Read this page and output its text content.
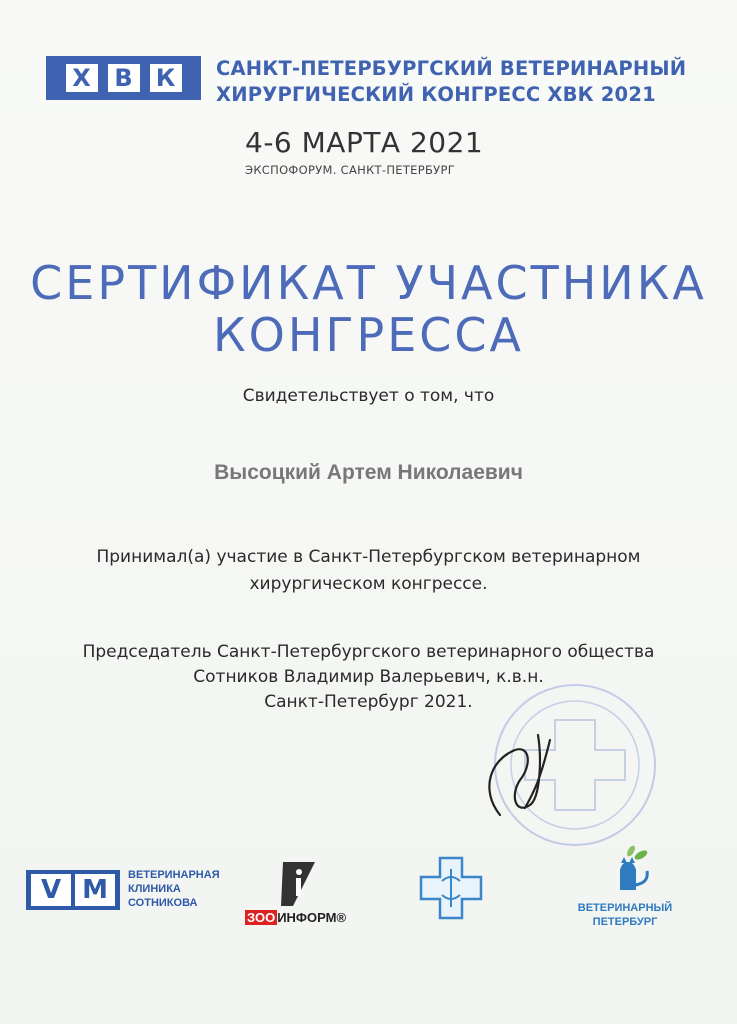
Х В К	САНКТ-ПЕТЕРБУРГСКИЙ ВЕТЕРИНАРНЫЙ
ХИРУРГИЧЕСКИЙ КОНГРЕСС ХВК 2021
4-6 МАРТА 2021
ЭКСПОФОРУМ. САНКТ-ПЕТЕРБУРГ
СЕРТИФИКАТ УЧАСТНИКА
КОНГРЕССА
Свидетельствует о том, что
Высоцкий Артем Николаевич
Принимал(а) участие в Санкт-Петербургском ветеринарном
хирургическом конгрессе.
Председатель Санкт-Петербургского ветеринарного общества
Сотников Владимир Валерьевич, к.в.н.
Санкт-Петербург 2021.
V M	ВЕТЕРИНАРНАЯ
КЛИНИКА
СОТНИКОВА
ЗОО ИНФОРМ®
ВЕТЕРИНАРНЫЙ
ПЕТЕРБУРГ
